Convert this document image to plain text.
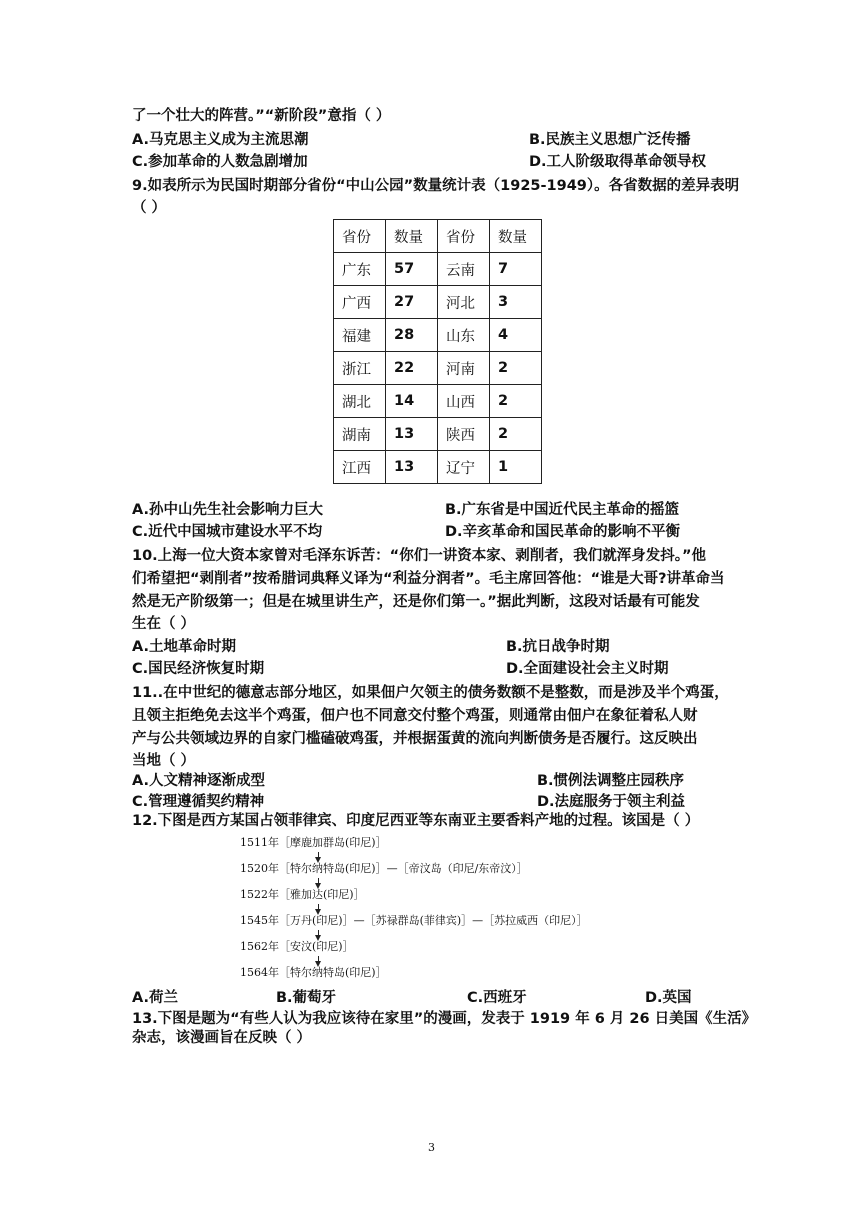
了一个壮大的阵营。”“新阶段”意指（ ）
A.马克思主义成为主流思潮	B.民族主义思想广泛传播
C.参加革命的人数急剧增加	D.工人阶级取得革命领导权
9.如表所示为民国时期部分省份“中山公园”数量统计表（1925-1949）。各省数据的差异表明
（ ）
省份	数量	省份	数量
广东	57	云南	7
广西	27	河北	3
福建	28	山东	4
浙江	22	河南	2
湖北	14	山西	2
湖南	13	陕西	2
江西	13	辽宁	1
A.孙中山先生社会影响力巨大	B.广东省是中国近代民主革命的摇篮
C.近代中国城市建设水平不均	D.辛亥革命和国民革命的影响不平衡
10.上海一位大资本家曾对毛泽东诉苦：“你们一讲资本家、剥削者，我们就浑身发抖。”他
们希望把“剥削者”按希腊词典释义译为“利益分润者”。毛主席回答他：“谁是大哥?讲革命当
然是无产阶级第一；但是在城里讲生产，还是你们第一。”据此判断，这段对话最有可能发
生在（ ）
A.土地革命时期	B.抗日战争时期
C.国民经济恢复时期	D.全面建设社会主义时期
11..在中世纪的德意志部分地区，如果佃户欠领主的债务数额不是整数，而是涉及半个鸡蛋，
且领主拒绝免去这半个鸡蛋，佃户也不同意交付整个鸡蛋，则通常由佃户在象征着私人财
产与公共领域边界的自家门槛磕破鸡蛋，并根据蛋黄的流向判断债务是否履行。这反映出
当地（ ）
A.人文精神逐渐成型	B.惯例法调整庄园秩序
C.管理遵循契约精神	D.法庭服务于领主利益
12.下图是西方某国占领菲律宾、印度尼西亚等东南亚主要香料产地的过程。该国是（ ）
1511年［摩鹿加群岛(印尼)］
1520年［特尔纳特岛(印尼)］—［帝汶岛（印尼/东帝汶）］
1522年［雅加达(印尼)］
1545年［万丹(印尼)］—［苏禄群岛(菲律宾)］—［苏拉威西（印尼）］
1562年［安汶(印尼)］
1564年［特尔纳特岛(印尼)］
A.荷兰	B.葡萄牙	C.西班牙	D.英国
13.下图是题为“有些人认为我应该待在家里”的漫画，发表于 1919 年 6 月 26 日美国《生活》
杂志，该漫画旨在反映（ ）
3
